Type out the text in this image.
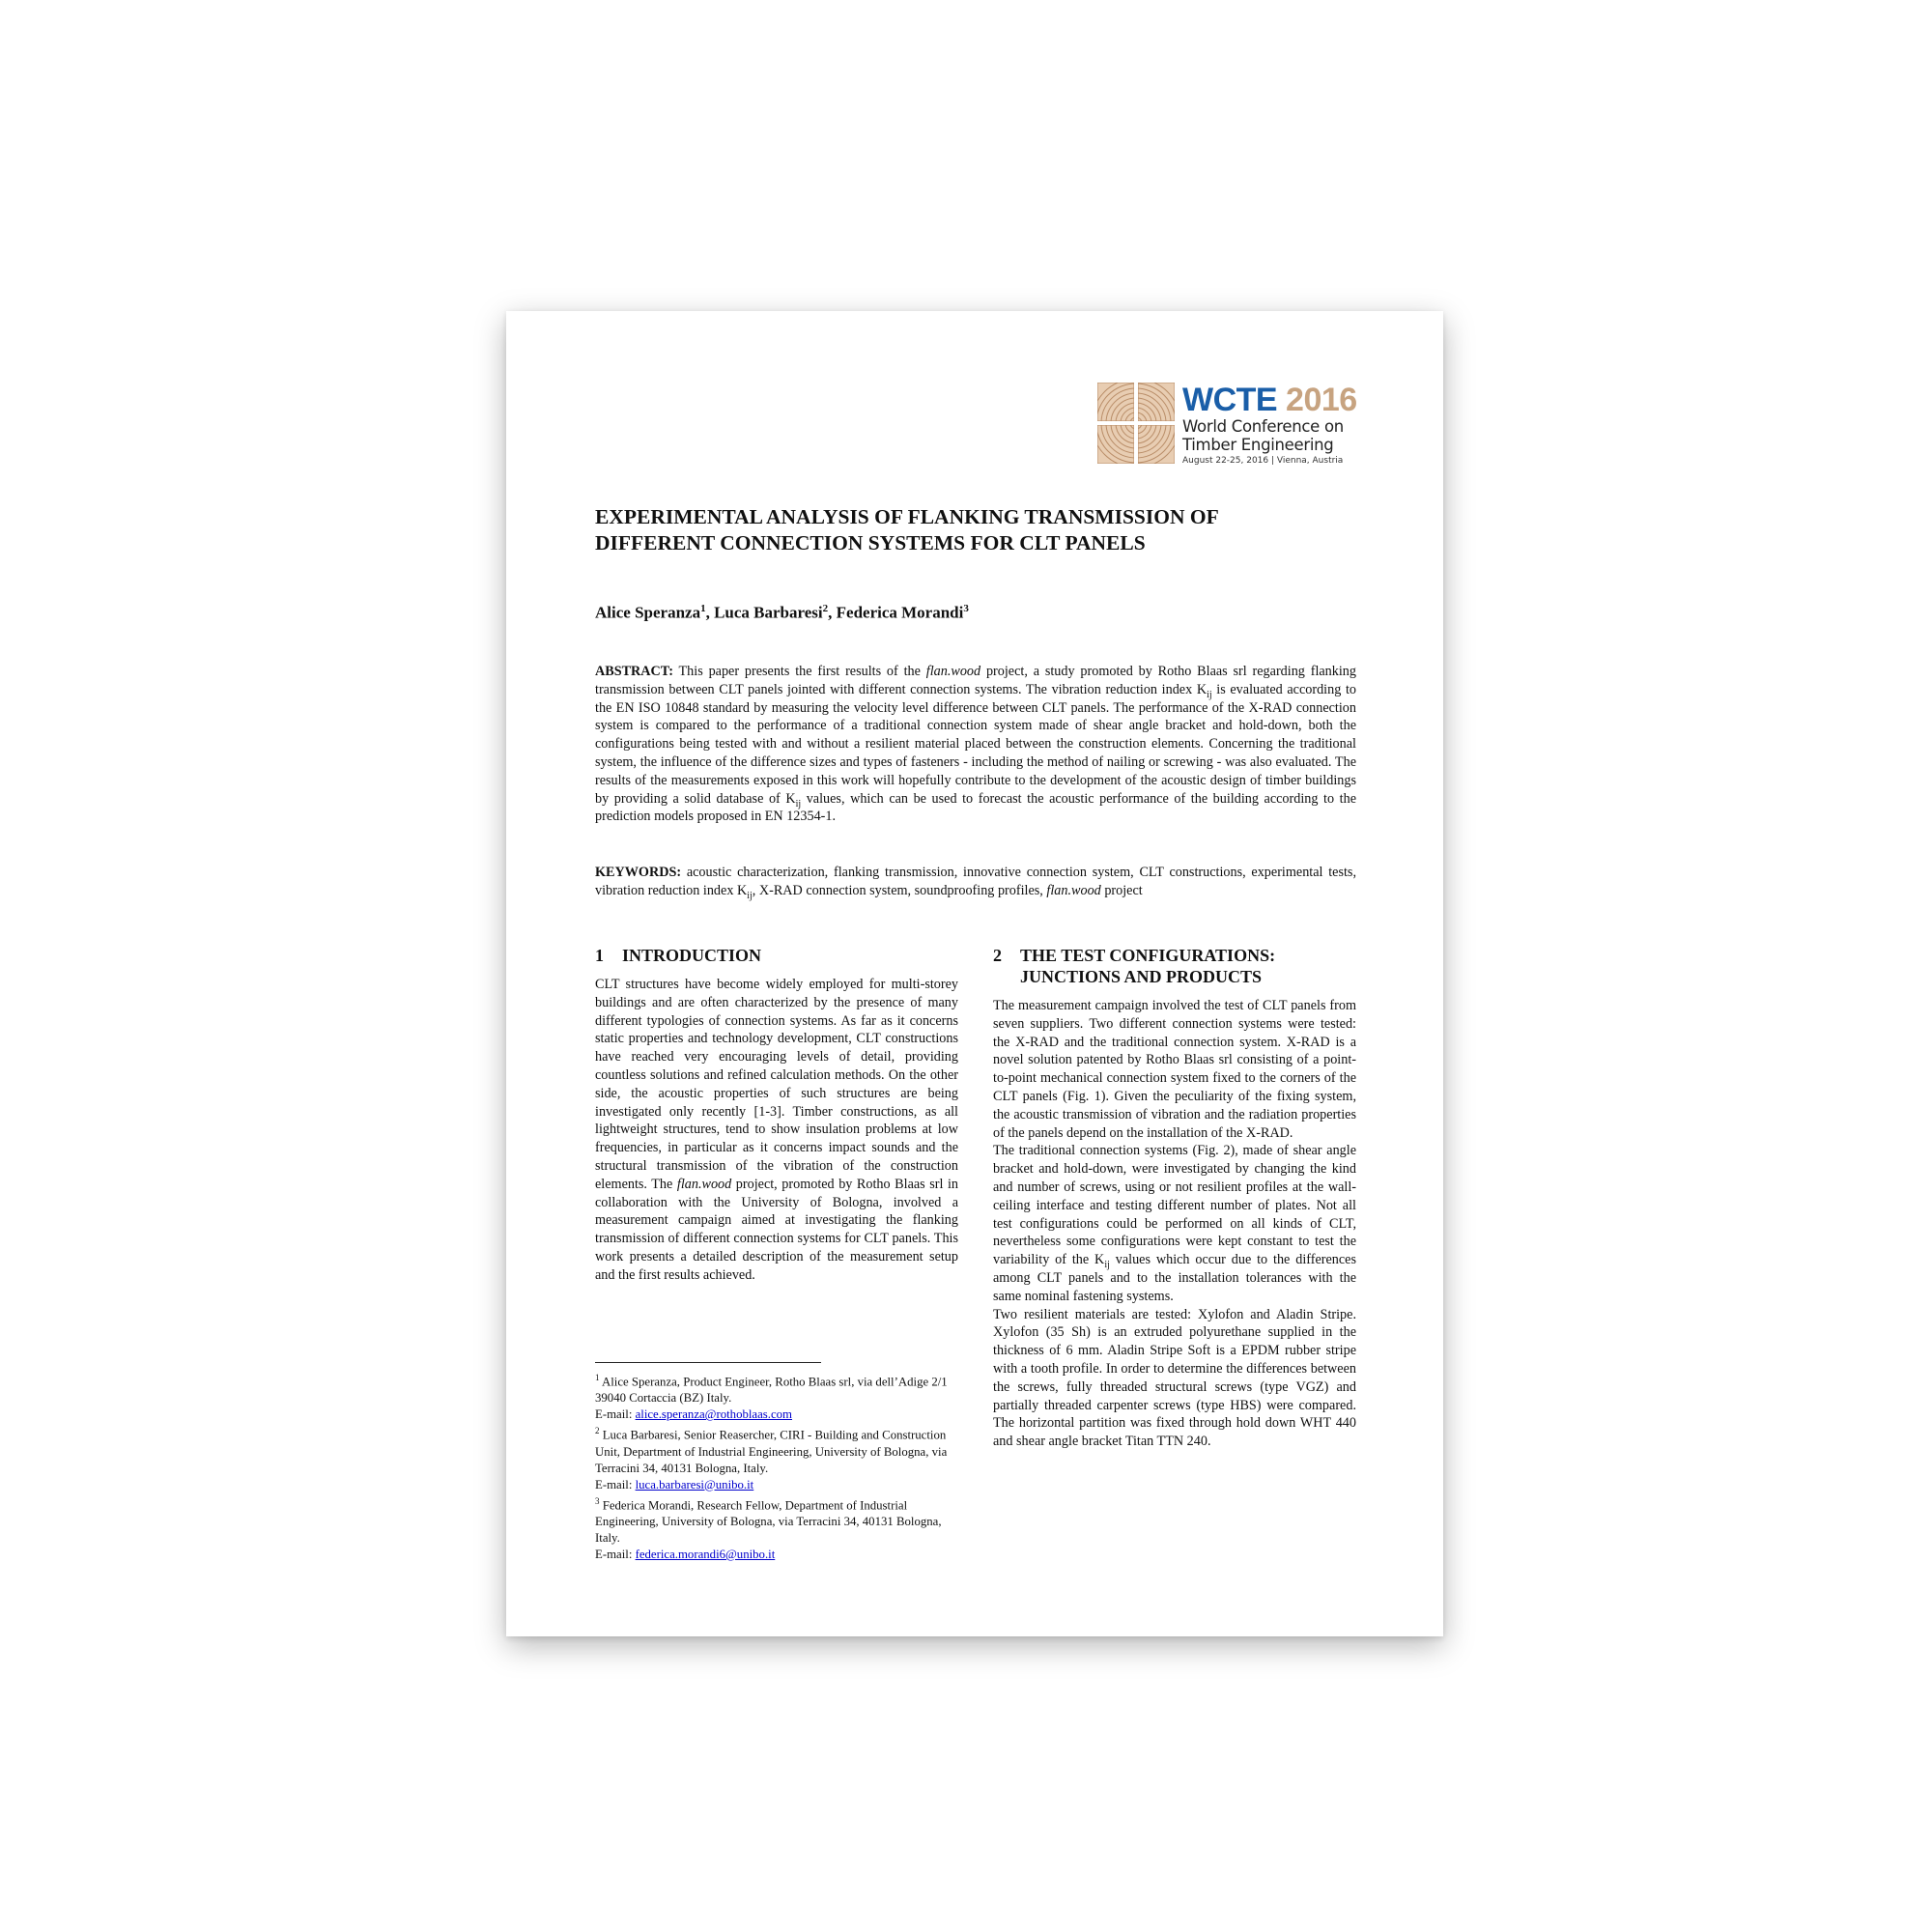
WCTE 2016
World Conference on
Timber Engineering
August 22-25, 2016 | Vienna, Austria
EXPERIMENTAL ANALYSIS OF FLANKING TRANSMISSION OF
DIFFERENT CONNECTION SYSTEMS FOR CLT PANELS
Alice Speranza$^1$, Luca Barbaresi$^2$, Federica Morandi$^3$

ABSTRACT: This paper presents the first results of the flan.wood project, a study promoted by Rotho Blaas srl regarding flanking transmission between CLT panels jointed with different connection systems. The vibration reduction index $K_{ij}$ is evaluated according to the EN ISO 10848 standard by measuring the velocity level difference between CLT panels. The performance of the X-RAD connection system is compared to the performance of a traditional connection system made of shear angle bracket and hold-down, both the configurations being tested with and without a resilient material placed between the construction elements. Concerning the traditional system, the influence of the difference sizes and types of fasteners - including the method of nailing or screwing - was also evaluated. The results of the measurements exposed in this work will hopefully contribute to the development of the acoustic design of timber buildings by providing a solid database of $K_{ij}$ values, which can be used to forecast the acoustic performance of the building according to the prediction models proposed in EN 12354-1.

KEYWORDS: acoustic characterization, flanking transmission, innovative connection system, CLT constructions, experimental tests, vibration reduction index $K_{ij}$, X-RAD connection system, soundproofing profiles, flan.wood project

1	INTRODUCTION

CLT structures have become widely employed for multi-storey buildings and are often characterized by the presence of many different typologies of connection systems. As far as it concerns static properties and technology development, CLT constructions have reached very encouraging levels of detail, providing countless solutions and refined calculation methods. On the other side, the acoustic properties of such structures are being investigated only recently [1-3]. Timber constructions, as all lightweight structures, tend to show insulation problems at low frequencies, in particular as it concerns impact sounds and the structural transmission of the vibration of the construction elements. The flan.wood project, promoted by Rotho Blaas srl in collaboration with the University of Bologna, involved a measurement campaign aimed at investigating the flanking transmission of different connection systems for CLT panels. This work presents a detailed description of the measurement setup and the first results achieved.

$^1$ Alice Speranza, Product Engineer, Rotho Blaas srl, via dell’Adige 2/1 39040 Cortaccia (BZ) Italy.
E-mail: alice.speranza@rothoblaas.com

$^2$ Luca Barbaresi, Senior Reasercher, CIRI - Building and Construction Unit, Department of Industrial Engineering, University of Bologna, via Terracini 34, 40131 Bologna, Italy.
E-mail: luca.barbaresi@unibo.it

$^3$ Federica Morandi, Research Fellow, Department of Industrial Engineering, University of Bologna, via Terracini 34, 40131 Bologna, Italy.
E-mail: federica.morandi6@unibo.it

2	THE TEST CONFIGURATIONS:
JUNCTIONS AND PRODUCTS

The measurement campaign involved the test of CLT panels from seven suppliers. Two different connection systems were tested: the X-RAD and the traditional connection system. X-RAD is a novel solution patented by Rotho Blaas srl consisting of a point-to-point mechanical connection system fixed to the corners of the CLT panels (Fig. 1). Given the peculiarity of the fixing system, the acoustic transmission of vibration and the radiation properties of the panels depend on the installation of the X-RAD.

The traditional connection systems (Fig. 2), made of shear angle bracket and hold-down, were investigated by changing the kind and number of screws, using or not resilient profiles at the wall-ceiling interface and testing different number of plates. Not all test configurations could be performed on all kinds of CLT, nevertheless some configurations were kept constant to test the variability of the $K_{ij}$ values which occur due to the differences among CLT panels and to the installation tolerances with the same nominal fastening systems.

Two resilient materials are tested: Xylofon and Aladin Stripe. Xylofon (35 Sh) is an extruded polyurethane supplied in the thickness of 6 mm. Aladin Stripe Soft is a EPDM rubber stripe with a tooth profile. In order to determine the differences between the screws, fully threaded structural screws (type VGZ) and partially threaded carpenter screws (type HBS) were compared. The horizontal partition was fixed through hold down WHT 440 and shear angle bracket Titan TTN 240.
